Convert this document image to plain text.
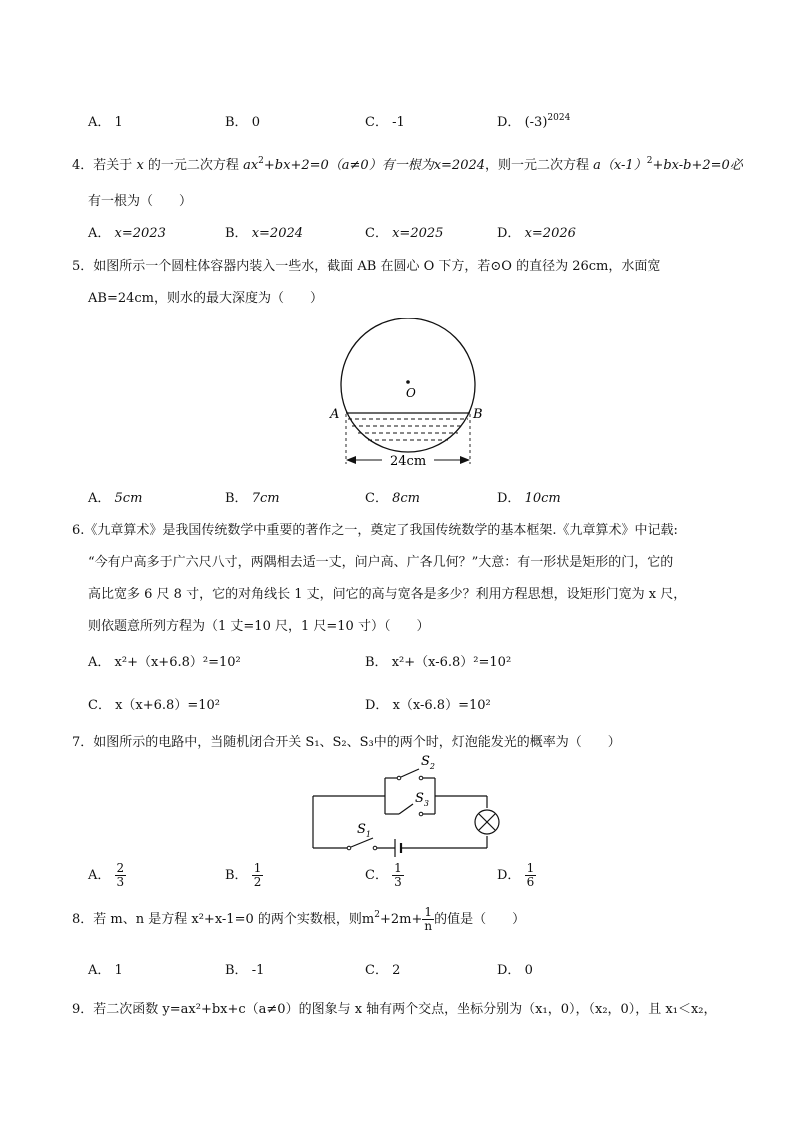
A． 1	B． 0	C． -1	D． $(-3)^{2024}$
4．若关于 x 的一元二次方程 $ax^2+bx+2=0(a\ne 0)$有一根为x=2024，则一元二次方程 $a(x-1)^2+bx-b+2=0$必
有一根为（　　）
A． x=2023	B． x=2024	C． x=2025	D． x=2026
5．如图所示一个圆柱体容器内装入一些水，截面 AB 在圆心 O 下方，若⊙O 的直径为 26cm，水面宽
AB=24cm，则水的最大深度为（　　）
O
A	B
24cm
A． 5cm	B． 7cm	C． 8cm	D． 10cm
6.《九章算术》是我国传统数学中重要的著作之一，奠定了我国传统数学的基本框架.《九章算术》中记载:
“今有户高多于广六尺八寸，两隅相去适一丈，问户高、广各几何？”大意：有一形状是矩形的门，它的
高比宽多 6 尺 8 寸，它的对角线长 1 丈，问它的高与宽各是多少？利用方程思想，设矩形门宽为 x 尺，
则依题意所列方程为（1 丈=10 尺，1 尺=10 寸）（　　）
A． x²+（x+6.8）²=10²	B． x²+（x-6.8）²=10²
C． x（x+6.8）=10²	D． x（x-6.8）=10²
7．如图所示的电路中，当随机闭合开关 S₁、S₂、S₃中的两个时，灯泡能发光的概率为（　　）
$S_1$
$S_2$
$S_3$
A． $\frac{2}{3}$	B． $\frac{1}{2}$	C． $\frac{1}{3}$	D． $\frac{1}{6}$
8．若 m、n 是方程 x²+x-1=0 的两个实数根，则$m^2+2m+ \frac{1}{n}$ 的值是（　　）
A． 1	B． -1	C． 2	D． 0
9．若二次函数 y=ax²+bx+c（a≠0）的图象与 x 轴有两个交点，坐标分别为（x₁，0），（x₂，0），且 x₁＜x₂，
